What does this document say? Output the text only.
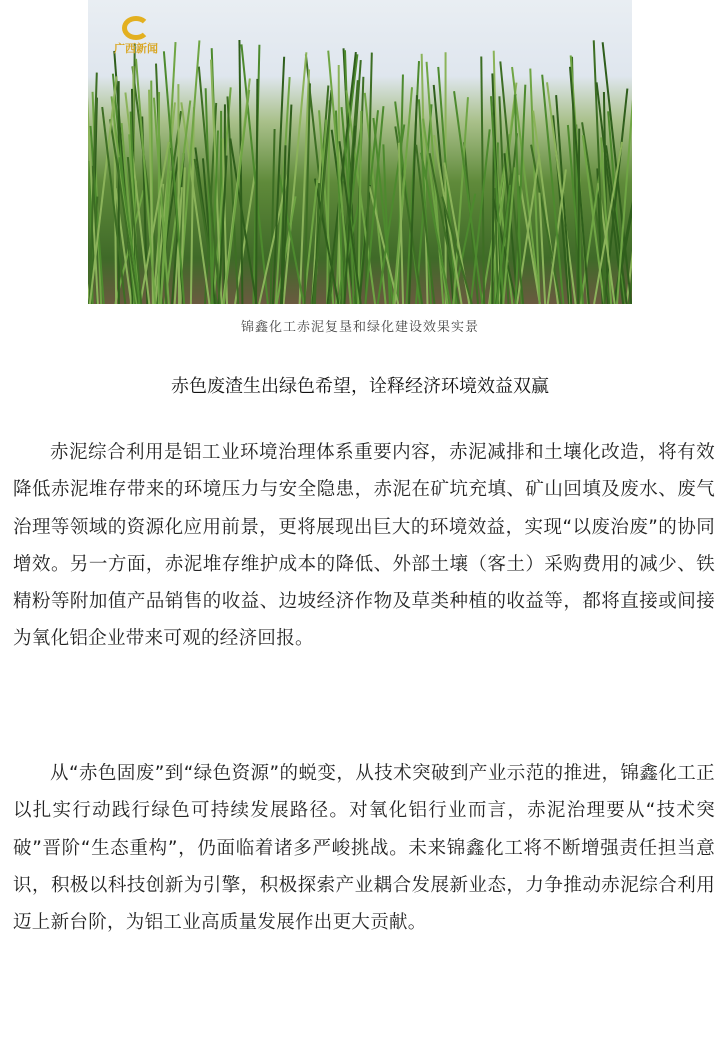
广西新闻
锦鑫化工赤泥复垦和绿化建设效果实景
赤色废渣生出绿色希望，诠释经济环境效益双赢
赤泥综合利用是铝工业环境治理体系重要内容，赤泥减排和土壤化改造，将有效降低赤泥堆存带来的环境压力与安全隐患，赤泥在矿坑充填、矿山回填及废水、废气治理等领域的资源化应用前景，更将展现出巨大的环境效益，实现“以废治废”的协同增效。另一方面，赤泥堆存维护成本的降低、外部土壤（客土）采购费用的减少、铁精粉等附加值产品销售的收益、边坡经济作物及草类种植的收益等，都将直接或间接为氧化铝企业带来可观的经济回报。
从“赤色固废”到“绿色资源”的蜕变，从技术突破到产业示范的推进，锦鑫化工正以扎实行动践行绿色可持续发展路径。对氧化铝行业而言，赤泥治理要从“技术突破”晋阶“生态重构”，仍面临着诸多严峻挑战。未来锦鑫化工将不断增强责任担当意识，积极以科技创新为引擎，积极探索产业耦合发展新业态，力争推动赤泥综合利用迈上新台阶，为铝工业高质量发展作出更大贡献。
